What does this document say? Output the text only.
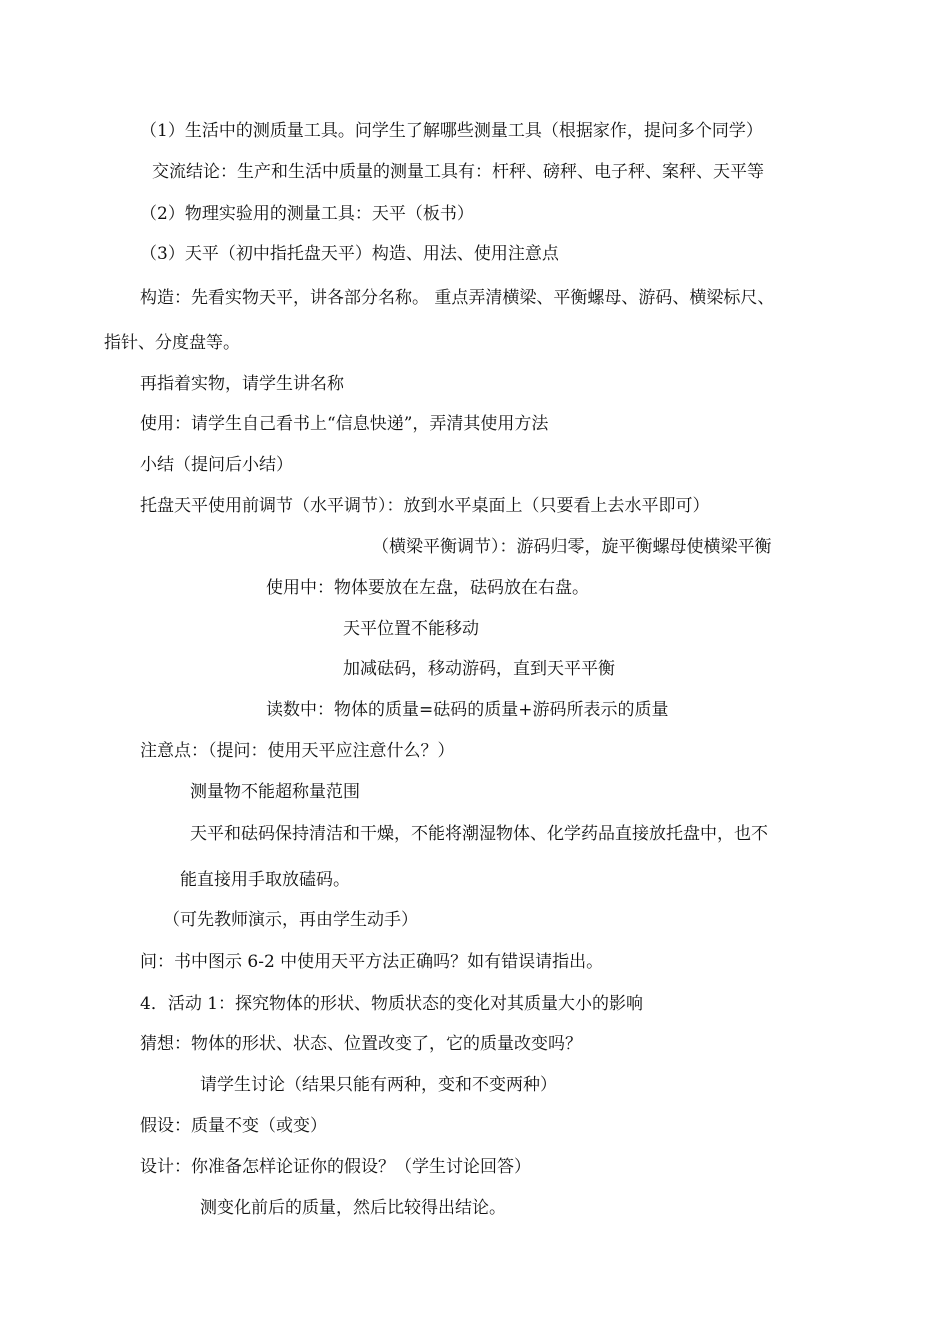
（1）生活中的测质量工具。问学生了解哪些测量工具（根据家作，提问多个同学）
交流结论：生产和生活中质量的测量工具有：杆秤、磅秤、电子秤、案秤、天平等
（2）物理实验用的测量工具：天平（板书）
（3）天平（初中指托盘天平）构造、用法、使用注意点
构造：先看实物天平，讲各部分名称。 重点弄清横梁、平衡螺母、游码、横梁标尺、
指针、分度盘等。
再指着实物，请学生讲名称
使用：请学生自己看书上“信息快递”，弄清其使用方法
小结（提问后小结）
托盘天平使用前调节（水平调节）：放到水平桌面上（只要看上去水平即可）
（横梁平衡调节）：游码归零，旋平衡螺母使横梁平衡
使用中：物体要放在左盘，砝码放在右盘。
天平位置不能移动
加减砝码，移动游码，直到天平平衡
读数中：物体的质量=砝码的质量+游码所表示的质量
注意点：（提问：使用天平应注意什么？）
测量物不能超称量范围
天平和砝码保持清洁和干燥，不能将潮湿物体、化学药品直接放托盘中，也不
能直接用手取放磕码。
（可先教师演示，再由学生动手）
问：书中图示 6-2 中使用天平方法正确吗？如有错误请指出。
4．活动 1：探究物体的形状、物质状态的变化对其质量大小的影响
猜想：物体的形状、状态、位置改变了，它的质量改变吗？
请学生讨论（结果只能有两种，变和不变两种）
假设：质量不变（或变）
设计：你准备怎样论证你的假设？（学生讨论回答）
测变化前后的质量，然后比较得出结论。
